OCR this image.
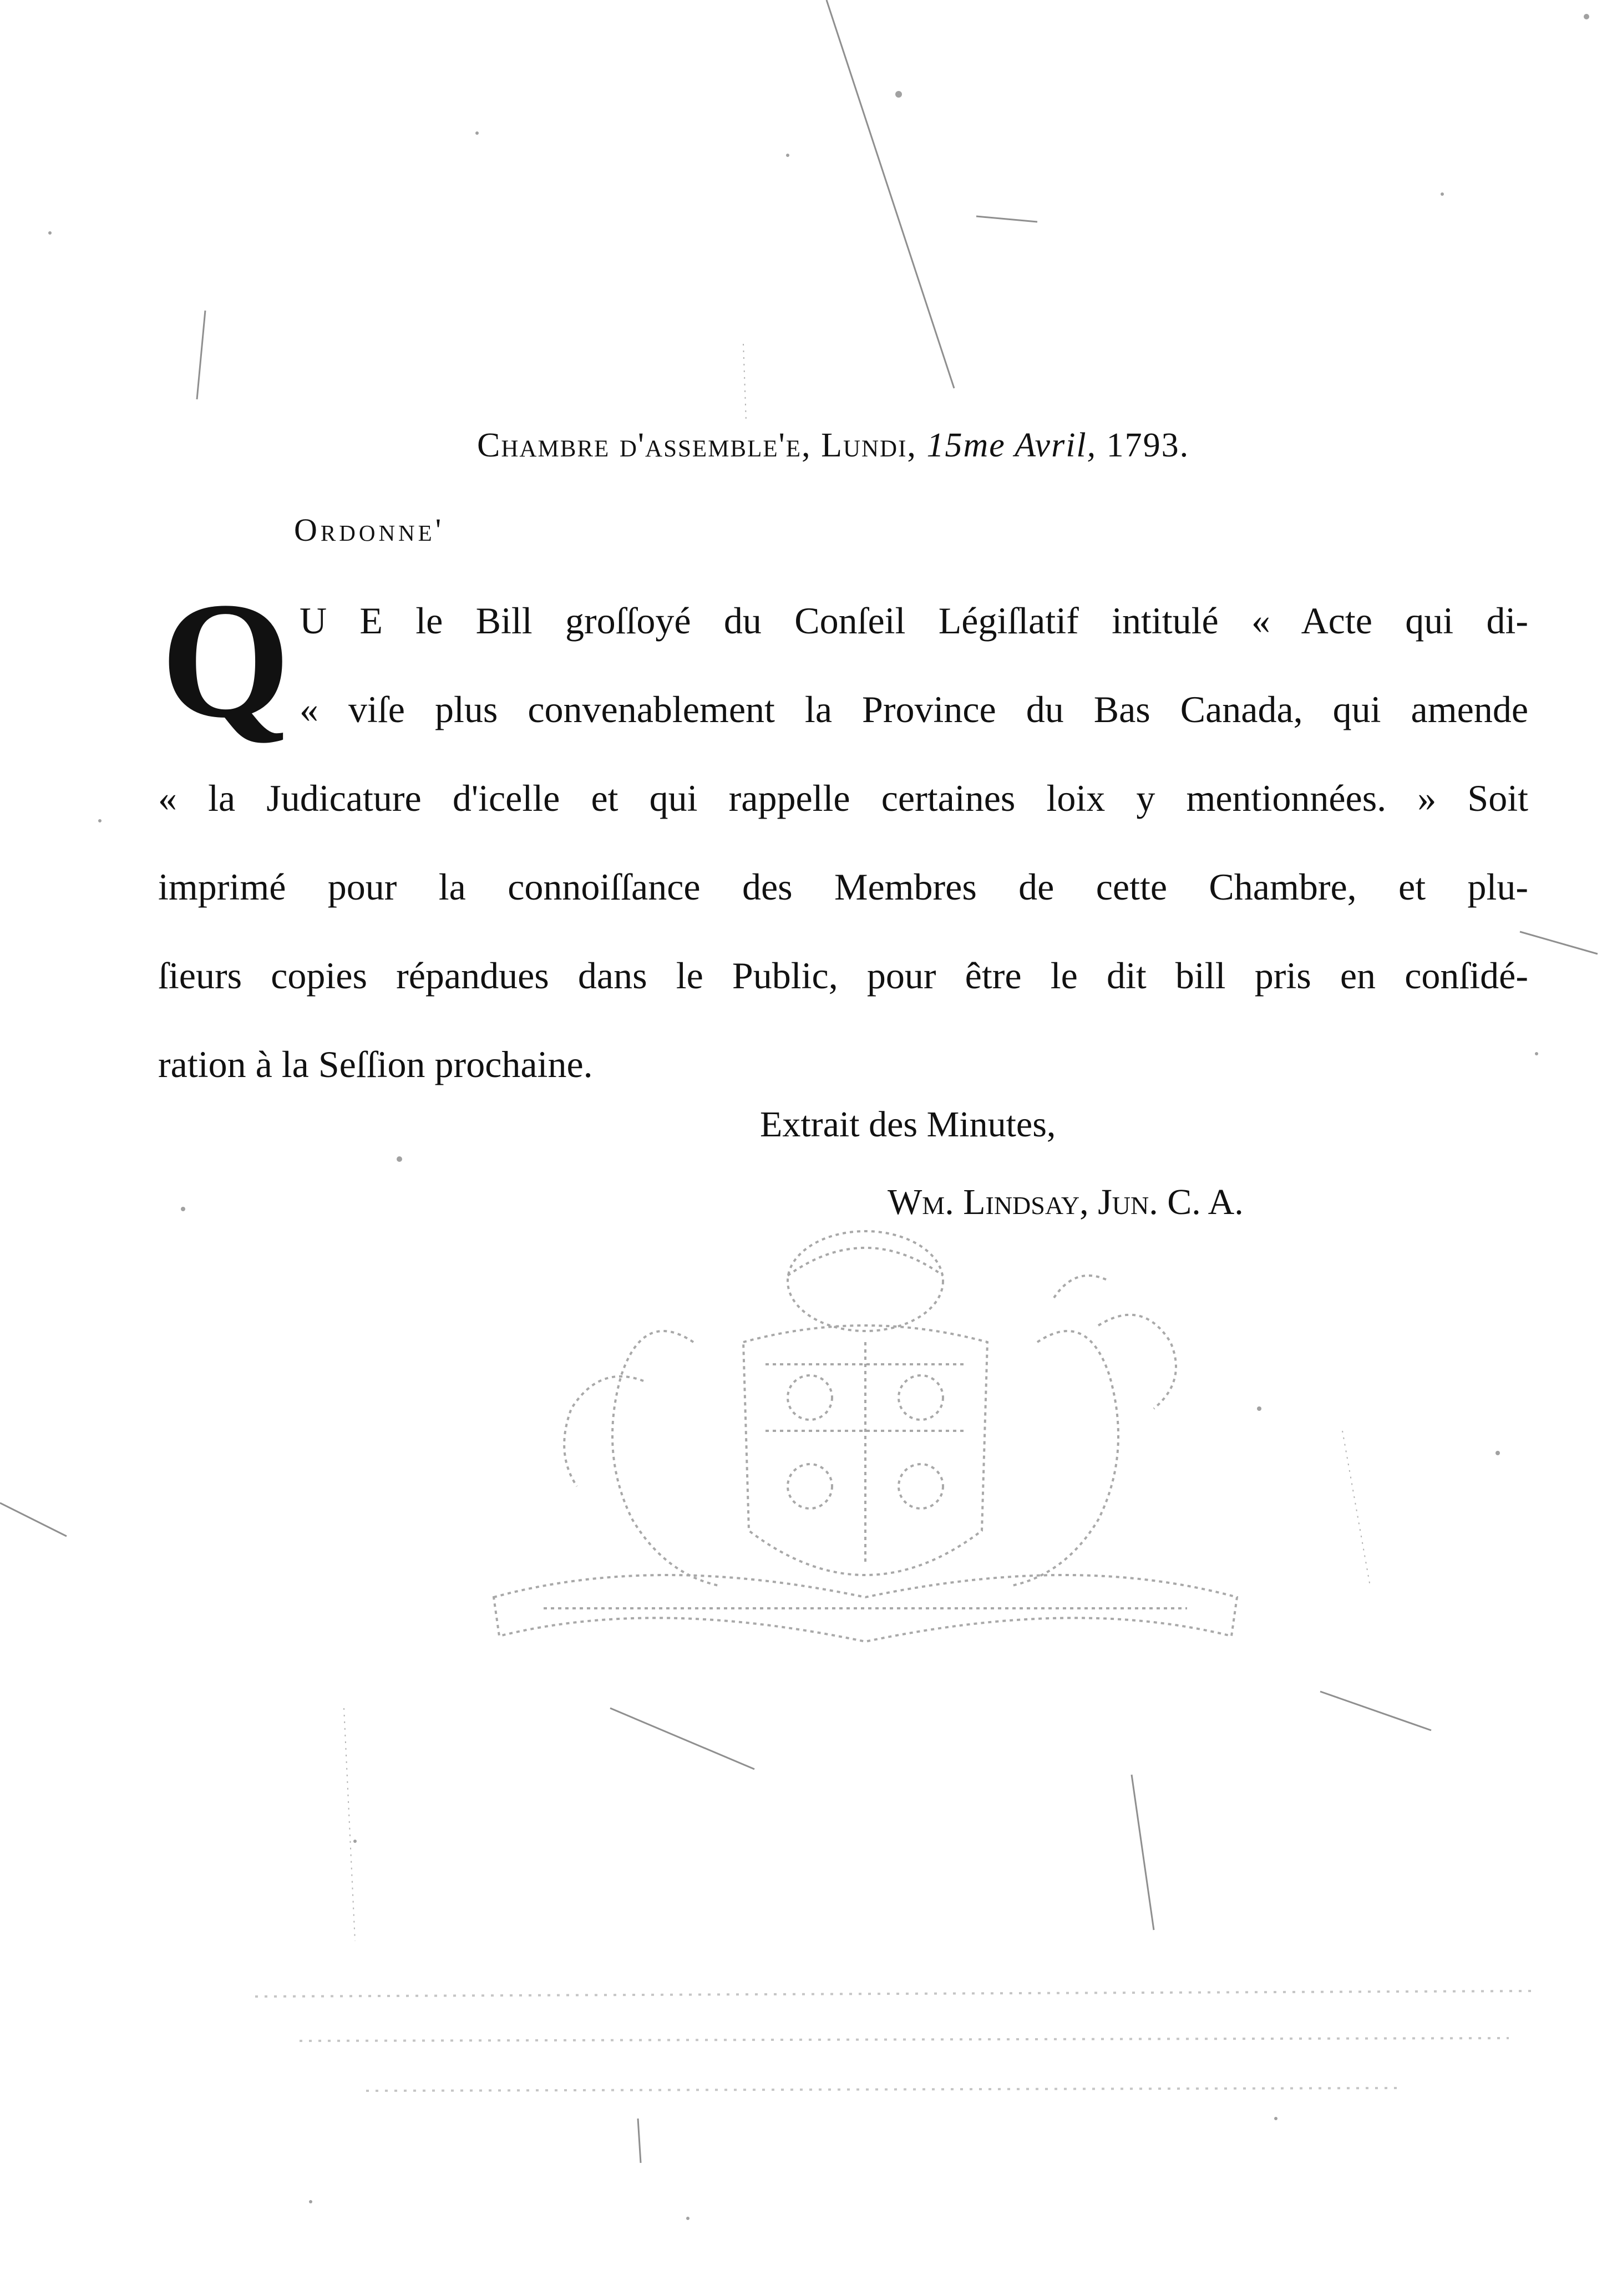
Chambre d'assemble'e, Lundi, 15me Avril, 1793.
Ordonne'
Q U E le Bill groſſoyé du Conſeil Légiſlatif intitulé « Acte qui di-
« viſe plus convenablement la Province du Bas Canada, qui amende
« la Judicature d'icelle et qui rappelle certaines loix y mentionnées. » Soit
imprimé pour la connoiſſance des Membres de cette Chambre, et plu-
ſieurs copies répandues dans le Public, pour être le dit bill pris en conſidé-
ration à la Seſſion prochaine.
Extrait des Minutes,
Wm. Lindsay, Jun. C. A.
